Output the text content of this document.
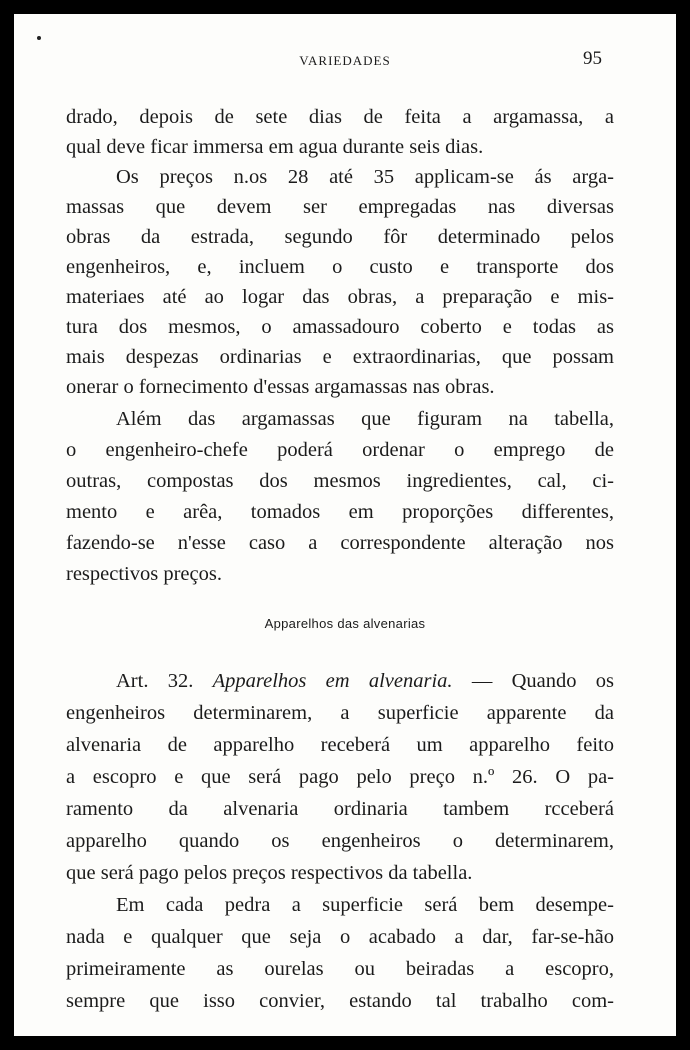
VARIEDADES	95
drado, depois de sete dias de feita a argamassa, a
qual deve ficar immersa em agua durante seis dias.
Os preços n.os 28 até 35 applicam-se ás arga-
massas que devem ser empregadas nas diversas
obras da estrada, segundo fôr determinado pelos
engenheiros, e, incluem o custo e transporte dos
materiaes até ao logar das obras, a preparação e mis-
tura dos mesmos, o amassadouro coberto e todas as
mais despezas ordinarias e extraordinarias, que possam
onerar o fornecimento d'essas argamassas nas obras.
Além das argamassas que figuram na tabella,
o engenheiro-chefe poderá ordenar o emprego de
outras, compostas dos mesmos ingredientes, cal, ci-
mento e arêa, tomados em proporções differentes,
fazendo-se n'esse caso a correspondente alteração nos
respectivos preços.
Apparelhos das alvenarias
Art. 32. Apparelhos em alvenaria. — Quando os
engenheiros determinarem, a superficie apparente da
alvenaria de apparelho receberá um apparelho feito
a escopro e que será pago pelo preço n.º 26. O pa-
ramento da alvenaria ordinaria tambem rcceberá
apparelho quando os engenheiros o determinarem,
que será pago pelos preços respectivos da tabella.
Em cada pedra a superficie será bem desempe-
nada e qualquer que seja o acabado a dar, far-se-hão
primeiramente as ourelas ou beiradas a escopro,
sempre que isso convier, estando tal trabalho com-
